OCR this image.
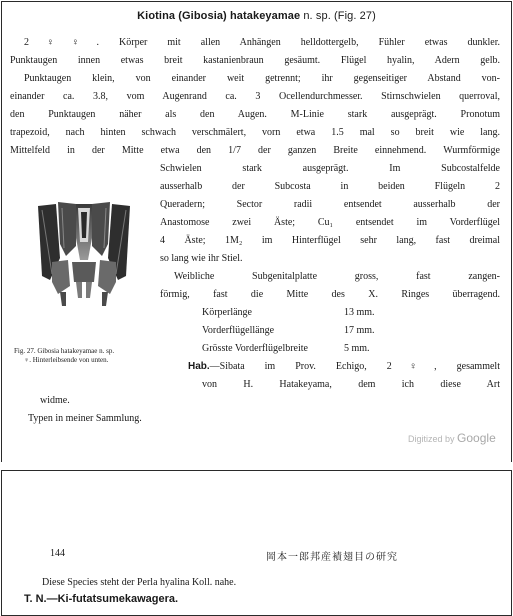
Kiotina (Gibosia) hatakeyamae n. sp. (Fig. 27)
2♀♀. Körper mit allen Anhängen helldottergelb, Fühler etwas dunkler.
Punktaugen innen etwas breit kastanienbraun gesäumt. Flügel hyalin, Adern gelb.
Punktaugen klein, von einander weit getrennt; ihr gegenseitiger Abstand von-
einander ca. 3.8, vom Augenrand ca. 3 Ocellendurchmesser. Stirnschwielen querroval,
den Punktaugen näher als den Augen. M-Linie stark ausgeprägt. Pronotum
trapezoid, nach hinten schwach verschmälert, vorn etwa 1.5 mal so breit wie lang.
Mittelfeld in der Mitte etwa den 1/7 der ganzen Breite einnehmend. Wurmförmige
Schwielen stark ausgeprägt. Im Subcostalfelde
ausserhalb der Subcosta in beiden Flügeln 2
Queradern; Sector radii entsendet ausserhalb der
Anastomose zwei Äste; Cu₁ entsendet im Vorderflügel
4 Äste; 1M₂ im Hinterflügel sehr lang, fast dreimal
so lang wie ihr Stiel.
Weibliche Subgenitalplatte gross, fast zangen-
förmig, fast die Mitte des X. Ringes überragend.
Körperlänge	13 mm.
Vorderflügellänge	17 mm.
Grösste Vorderflügelbreite	5 mm.
Hab.—Sibata im Prov. Echigo, 2♀, gesammelt
von H. Hatakeyama, dem ich diese Art
widme.
Typen in meiner Sammlung.
Fig. 27. Gibosia hatakeyamae n. sp.
♀. Hinterleibsende von unten.
Digitized by Google
144	岡本一郎邦産襀翅目の研究
Diese Species steht der Perla hyalina Koll. nahe.
T. N.—Ki-futatsumekawagera.
